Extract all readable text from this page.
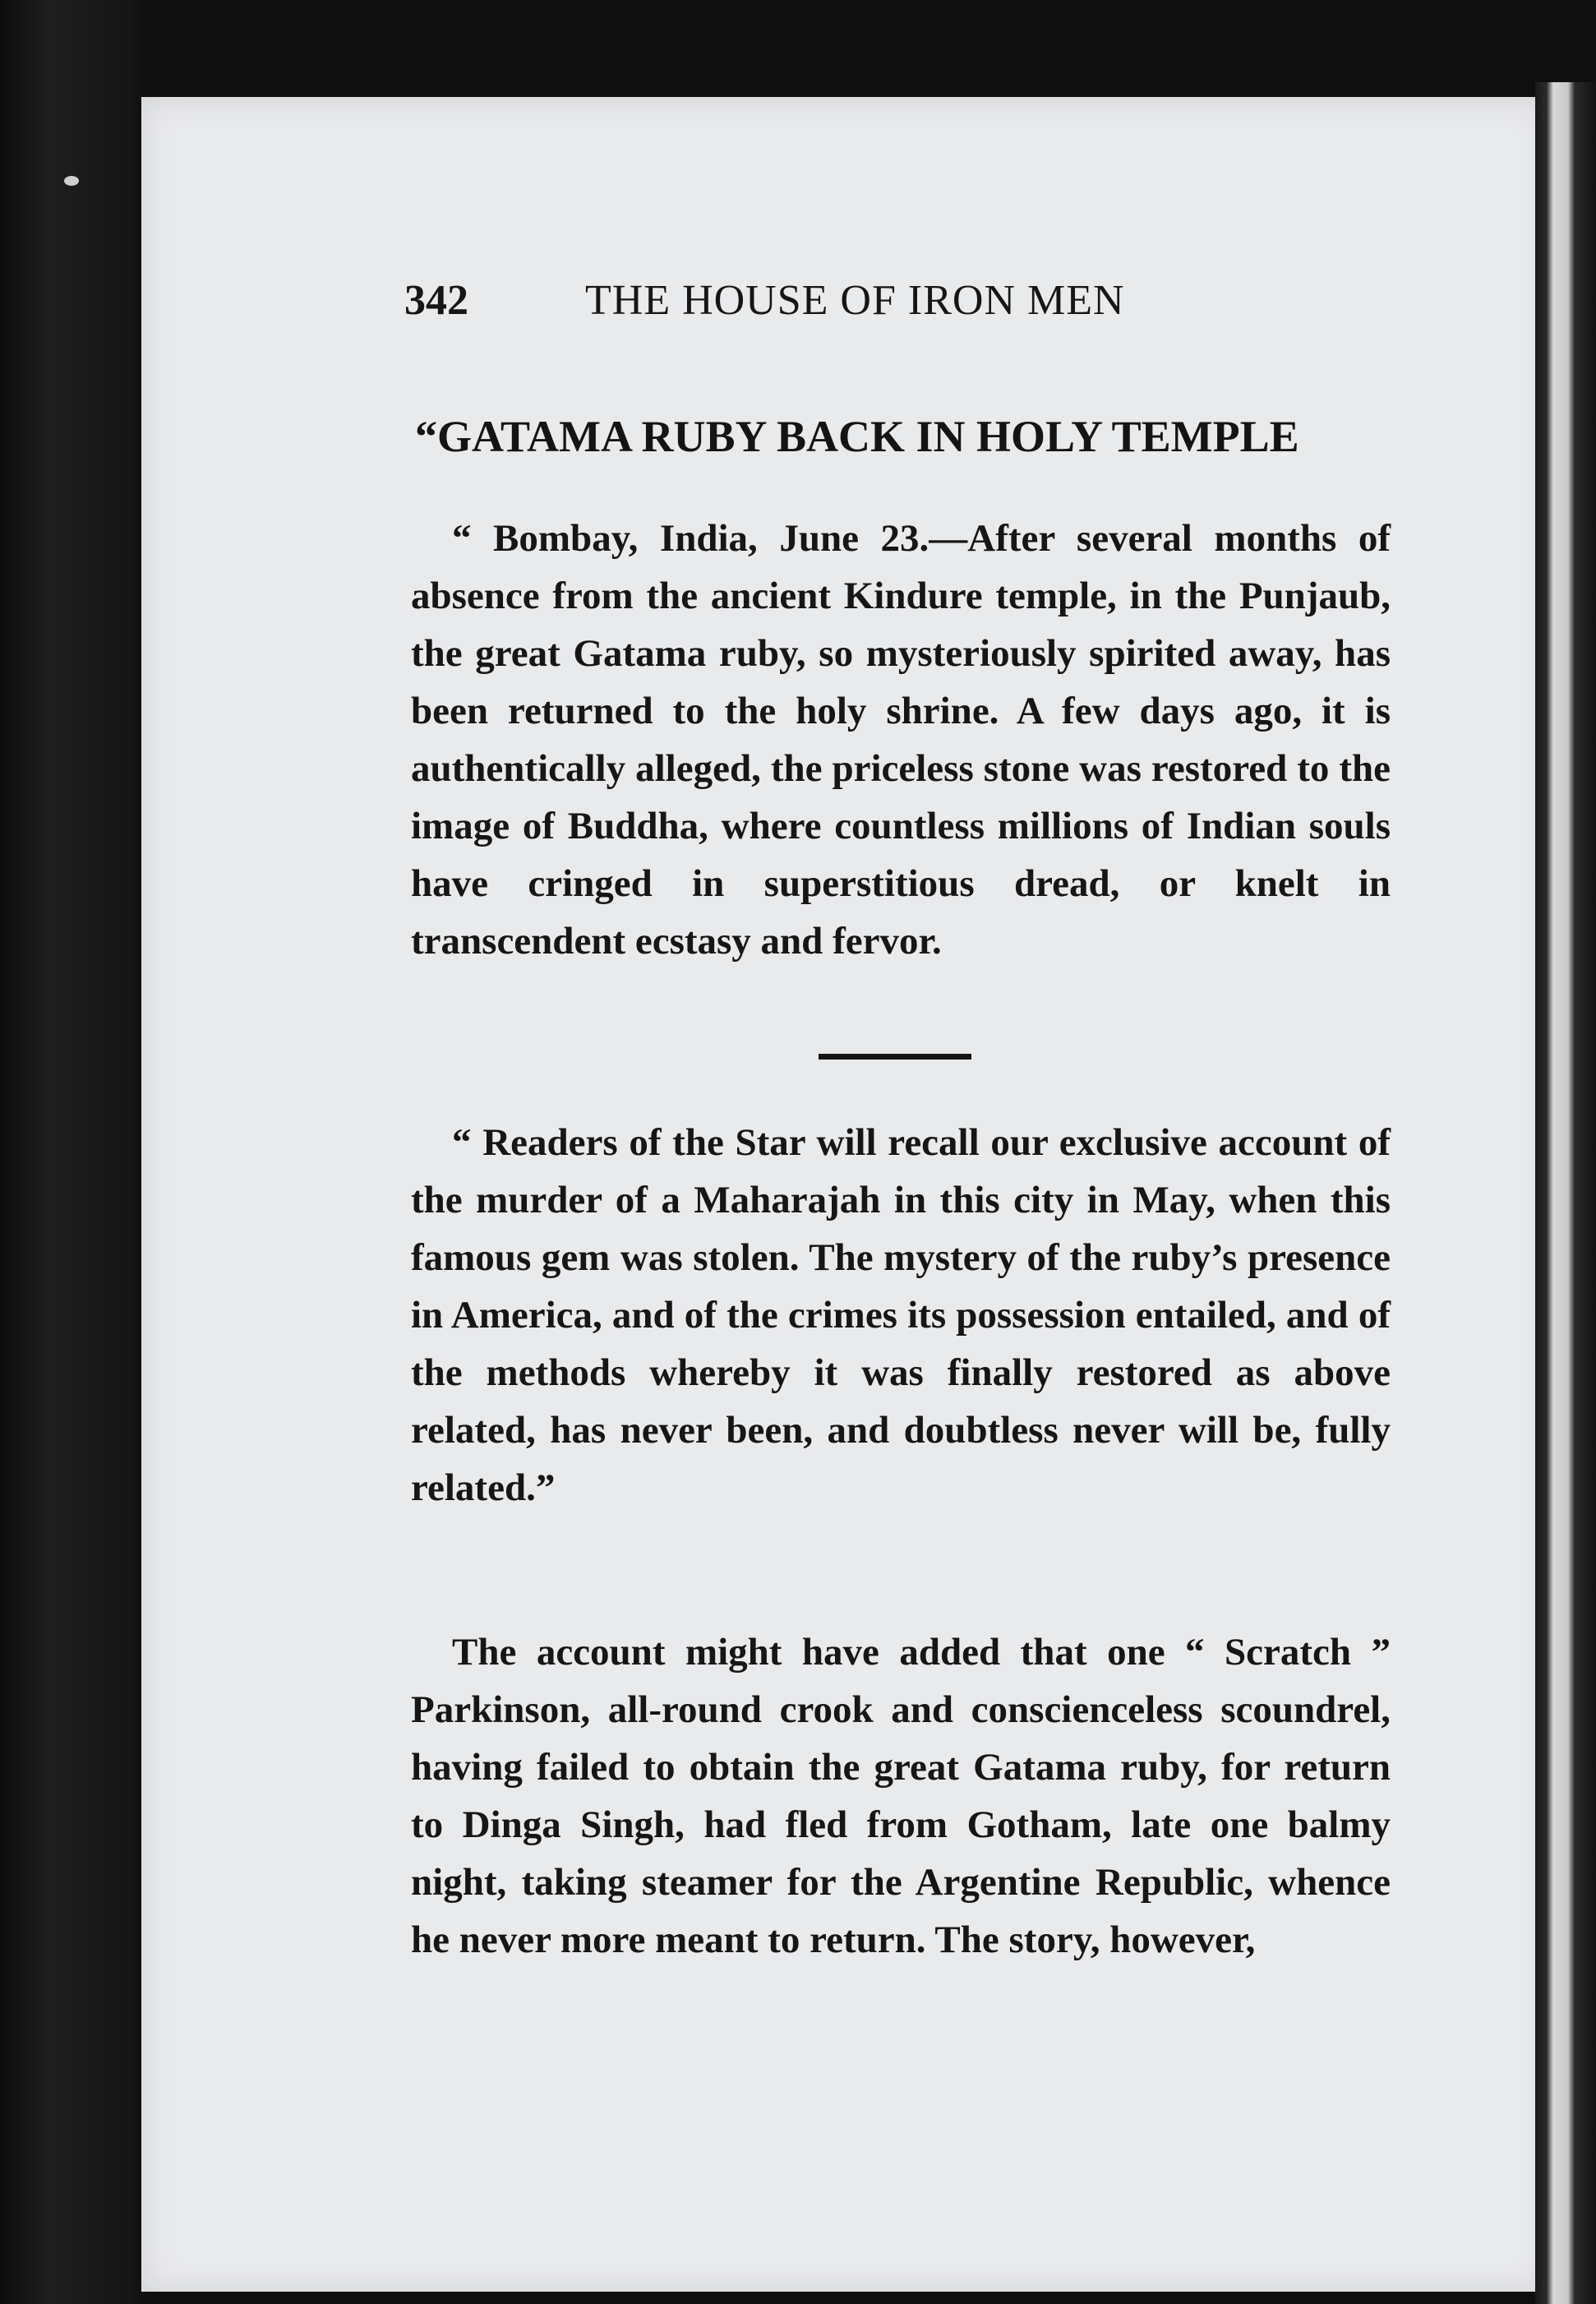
342	THE HOUSE OF IRON MEN
“GATAMA RUBY BACK IN HOLY TEMPLE
“ Bombay, India, June 23.—After several months of absence from the ancient Kindure temple, in the Punjaub, the great Gatama ruby, so mysteriously spirited away, has been returned to the holy shrine. A few days ago, it is authentically alleged, the priceless stone was restored to the image of Buddha, where countless millions of Indian souls have cringed in superstitious dread, or knelt in transcendent ecstasy and fervor.
“ Readers of the Star will recall our exclusive account of the murder of a Maharajah in this city in May, when this famous gem was stolen. The mystery of the ruby’s presence in America, and of the crimes its possession entailed, and of the methods whereby it was finally restored as above related, has never been, and doubtless never will be, fully related.”
The account might have added that one “ Scratch ” Parkinson, all-round crook and conscienceless scoundrel, having failed to obtain the great Gatama ruby, for return to Dinga Singh, had fled from Gotham, late one balmy night, taking steamer for the Argentine Republic, whence he never more meant to return. The story, however,
